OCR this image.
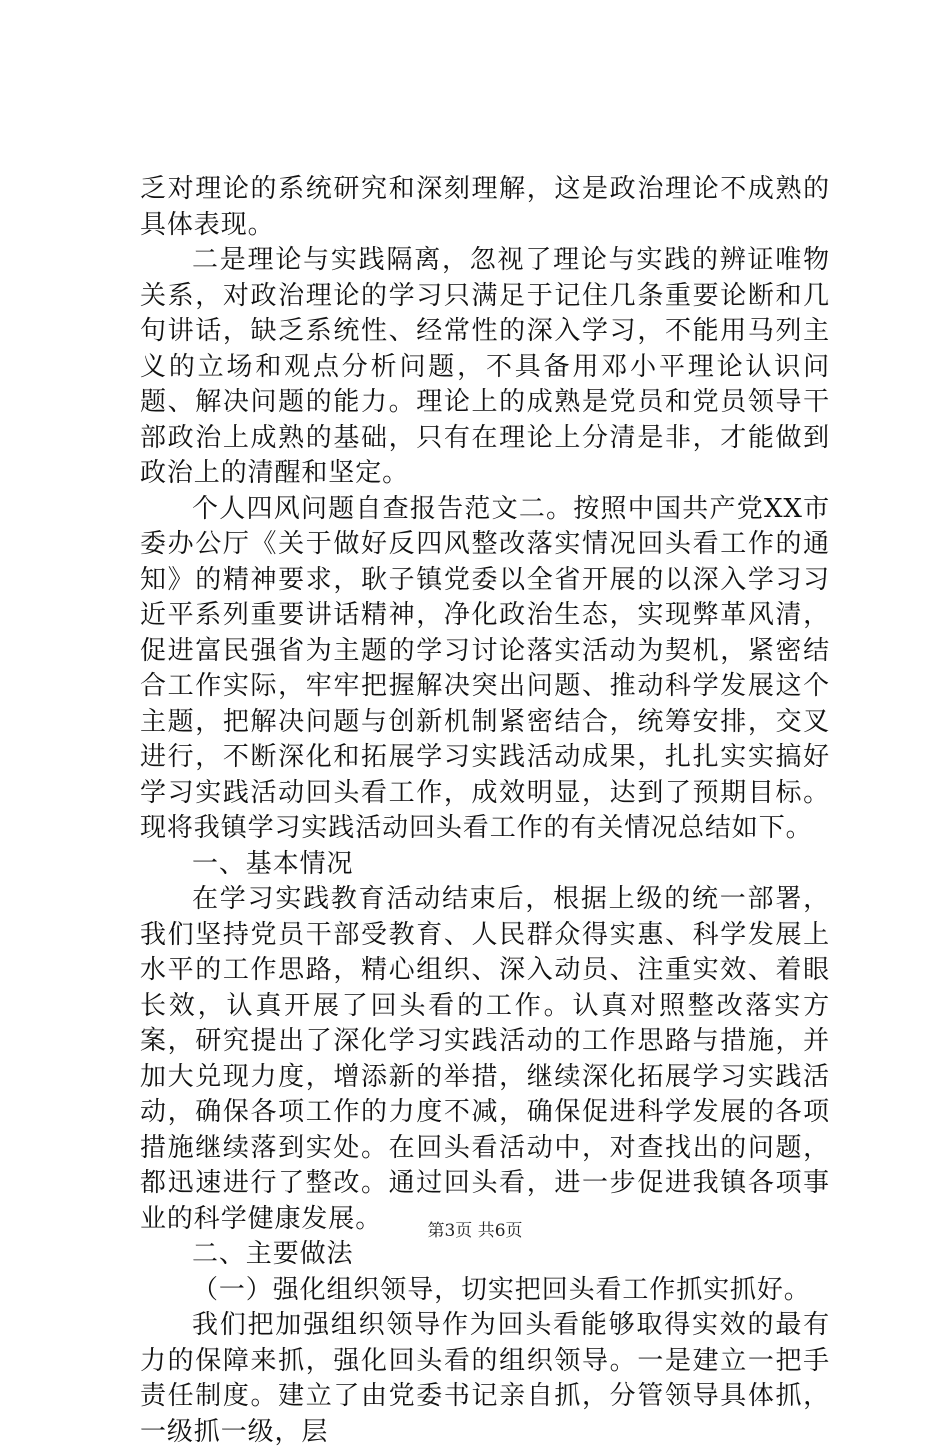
乏对理论的系统研究和深刻理解，这是政治理论不成熟的具体表现。

二是理论与实践隔离，忽视了理论与实践的辨证唯物关系，对政治理论的学习只满足于记住几条重要论断和几句讲话，缺乏系统性、经常性的深入学习，不能用马列主义的立场和观点分析问题，不具备用邓小平理论认识问题、解决问题的能力。理论上的成熟是党员和党员领导干部政治上成熟的基础，只有在理论上分清是非，才能做到政治上的清醒和坚定。

个人四风问题自查报告范文二。按照中国共产党XX市委办公厅《关于做好反四风整改落实情况回头看工作的通知》的精神要求，耿子镇党委以全省开展的以深入学习习近平系列重要讲话精神，净化政治生态，实现弊革风清，促进富民强省为主题的学习讨论落实活动为契机，紧密结合工作实际，牢牢把握解决突出问题、推动科学发展这个主题，把解决问题与创新机制紧密结合，统筹安排，交叉进行，不断深化和拓展学习实践活动成果，扎扎实实搞好学习实践活动回头看工作，成效明显，达到了预期目标。现将我镇学习实践活动回头看工作的有关情况总结如下。

一、基本情况

在学习实践教育活动结束后，根据上级的统一部署，我们坚持党员干部受教育、人民群众得实惠、科学发展上水平的工作思路，精心组织、深入动员、注重实效、着眼长效，认真开展了回头看的工作。认真对照整改落实方案，研究提出了深化学习实践活动的工作思路与措施，并加大兑现力度，增添新的举措，继续深化拓展学习实践活动，确保各项工作的力度不减，确保促进科学发展的各项措施继续落到实处。在回头看活动中，对查找出的问题，都迅速进行了整改。通过回头看，进一步促进我镇各项事业的科学健康发展。

二、主要做法

（一）强化组织领导，切实把回头看工作抓实抓好。

我们把加强组织领导作为回头看能够取得实效的最有力的保障来抓，强化回头看的组织领导。一是建立一把手责任制度。建立了由党委书记亲自抓，分管领导具体抓，一级抓一级，层

第3页 共6页
